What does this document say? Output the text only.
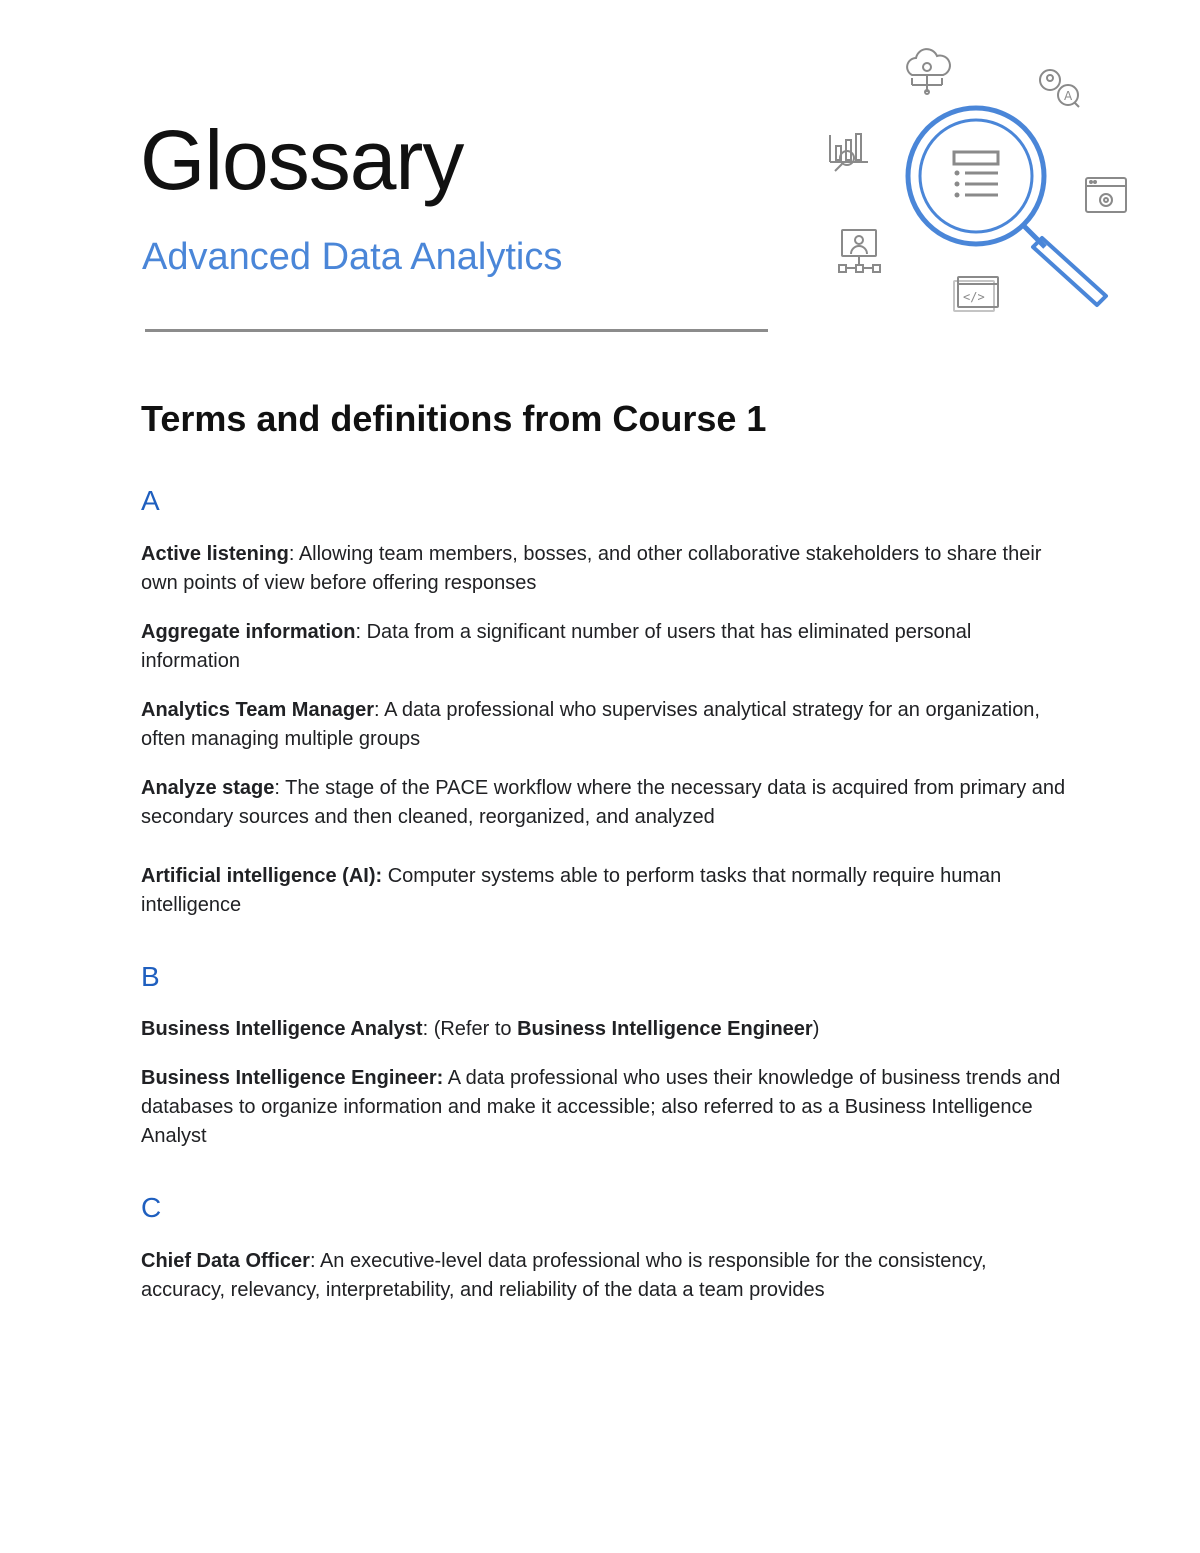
Glossary
Advanced Data Analytics
A
</>
Terms and definitions from Course 1

A

Active listening: Allowing team members, bosses, and other collaborative stakeholders to share their own points of view before offering responses

Aggregate information: Data from a significant number of users that has eliminated personal information

Analytics Team Manager: A data professional who supervises analytical strategy for an organization, often managing multiple groups

Analyze stage: The stage of the PACE workflow where the necessary data is acquired from primary and secondary sources and then cleaned, reorganized, and analyzed

Artificial intelligence (AI): Computer systems able to perform tasks that normally require human intelligence

B

Business Intelligence Analyst: (Refer to Business Intelligence Engineer)

Business Intelligence Engineer: A data professional who uses their knowledge of business trends and databases to organize information and make it accessible; also referred to as a Business Intelligence Analyst

C

Chief Data Officer: An executive-level data professional who is responsible for the consistency, accuracy, relevancy, interpretability, and reliability of the data a team provides
